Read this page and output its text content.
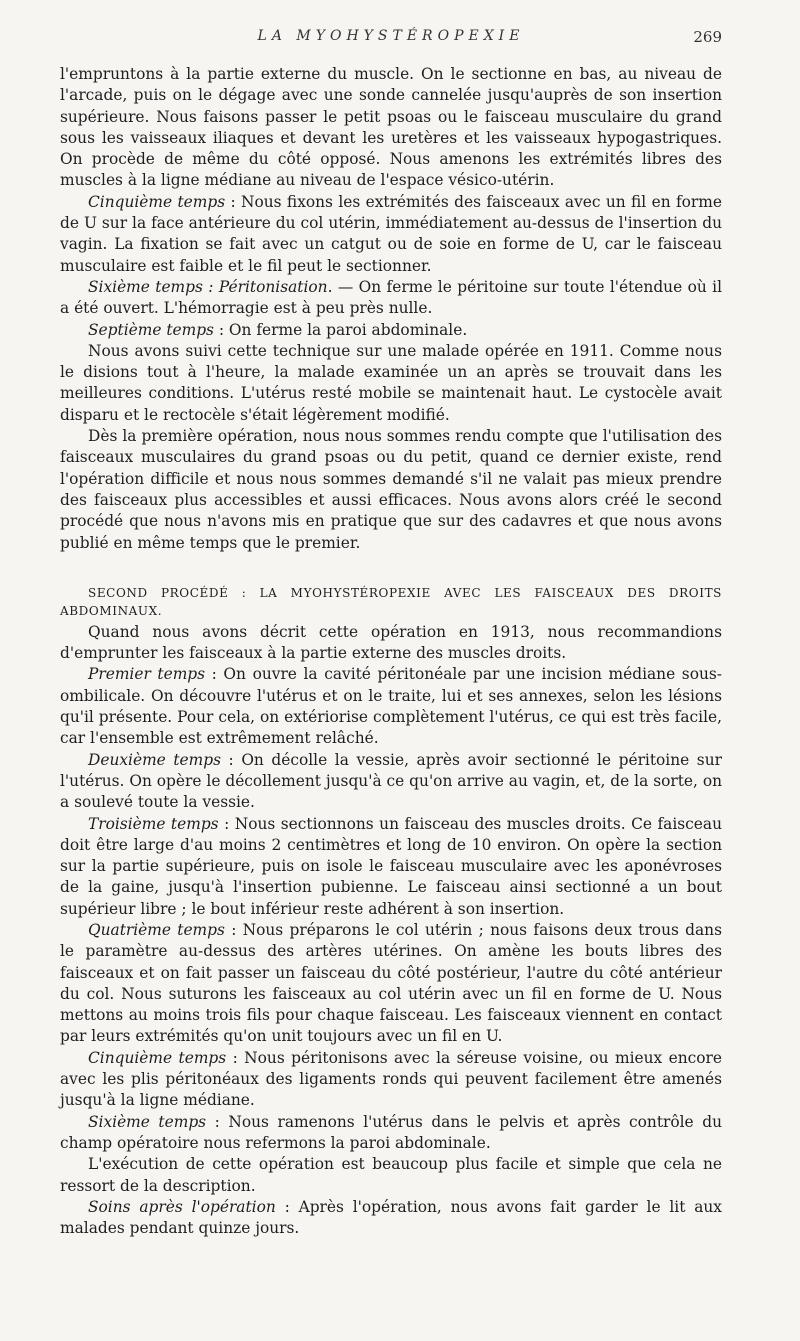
LA MYOHYSTÉROPEXIE	269

l'empruntons à la partie externe du muscle. On le sectionne en bas, au niveau de l'arcade, puis on le dégage avec une sonde cannelée jusqu'auprès de son insertion supérieure. Nous faisons passer le petit psoas ou le faisceau musculaire du grand sous les vaisseaux iliaques et devant les uretères et les vaisseaux hypogastriques. On procède de même du côté opposé. Nous amenons les extrémités libres des muscles à la ligne médiane au niveau de l'espace vésico-utérin.

Cinquième temps : Nous fixons les extrémités des faisceaux avec un fil en forme de U sur la face antérieure du col utérin, immédiatement au-dessus de l'insertion du vagin. La fixation se fait avec un catgut ou de soie en forme de U, car le faisceau musculaire est faible et le fil peut le sectionner.

Sixième temps : Péritonisation. — On ferme le péritoine sur toute l'étendue où il a été ouvert. L'hémorragie est à peu près nulle.

Septième temps : On ferme la paroi abdominale.

Nous avons suivi cette technique sur une malade opérée en 1911. Comme nous le disions tout à l'heure, la malade examinée un an après se trouvait dans les meilleures conditions. L'utérus resté mobile se maintenait haut. Le cystocèle avait disparu et le rectocèle s'était légèrement modifié.

Dès la première opération, nous nous sommes rendu compte que l'utilisation des faisceaux musculaires du grand psoas ou du petit, quand ce dernier existe, rend l'opération difficile et nous nous sommes demandé s'il ne valait pas mieux prendre des faisceaux plus accessibles et aussi efficaces. Nous avons alors créé le second procédé que nous n'avons mis en pratique que sur des cadavres et que nous avons publié en même temps que le premier.

SECOND PROCÉDÉ : LA MYOHYSTÉROPEXIE AVEC LES FAISCEAUX DES DROITS ABDOMINAUX.

Quand nous avons décrit cette opération en 1913, nous recommandions d'emprunter les faisceaux à la partie externe des muscles droits.

Premier temps : On ouvre la cavité péritonéale par une incision médiane sous-ombilicale. On découvre l'utérus et on le traite, lui et ses annexes, selon les lésions qu'il présente. Pour cela, on extériorise complètement l'utérus, ce qui est très facile, car l'ensemble est extrêmement relâché.

Deuxième temps : On décolle la vessie, après avoir sectionné le péritoine sur l'utérus. On opère le décollement jusqu'à ce qu'on arrive au vagin, et, de la sorte, on a soulevé toute la vessie.

Troisième temps : Nous sectionnons un faisceau des muscles droits. Ce faisceau doit être large d'au moins 2 centimètres et long de 10 environ. On opère la section sur la partie supérieure, puis on isole le faisceau musculaire avec les aponévroses de la gaine, jusqu'à l'insertion pubienne. Le faisceau ainsi sectionné a un bout supérieur libre ; le bout inférieur reste adhérent à son insertion.

Quatrième temps : Nous préparons le col utérin ; nous faisons deux trous dans le paramètre au-dessus des artères utérines. On amène les bouts libres des faisceaux et on fait passer un faisceau du côté postérieur, l'autre du côté antérieur du col. Nous suturons les faisceaux au col utérin avec un fil en forme de U. Nous mettons au moins trois fils pour chaque faisceau. Les faisceaux viennent en contact par leurs extrémités qu'on unit toujours avec un fil en U.

Cinquième temps : Nous péritonisons avec la séreuse voisine, ou mieux encore avec les plis péritonéaux des ligaments ronds qui peuvent facilement être amenés jusqu'à la ligne médiane.

Sixième temps : Nous ramenons l'utérus dans le pelvis et après contrôle du champ opératoire nous refermons la paroi abdominale.

L'exécution de cette opération est beaucoup plus facile et simple que cela ne ressort de la description.

Soins après l'opération : Après l'opération, nous avons fait garder le lit aux malades pendant quinze jours.
